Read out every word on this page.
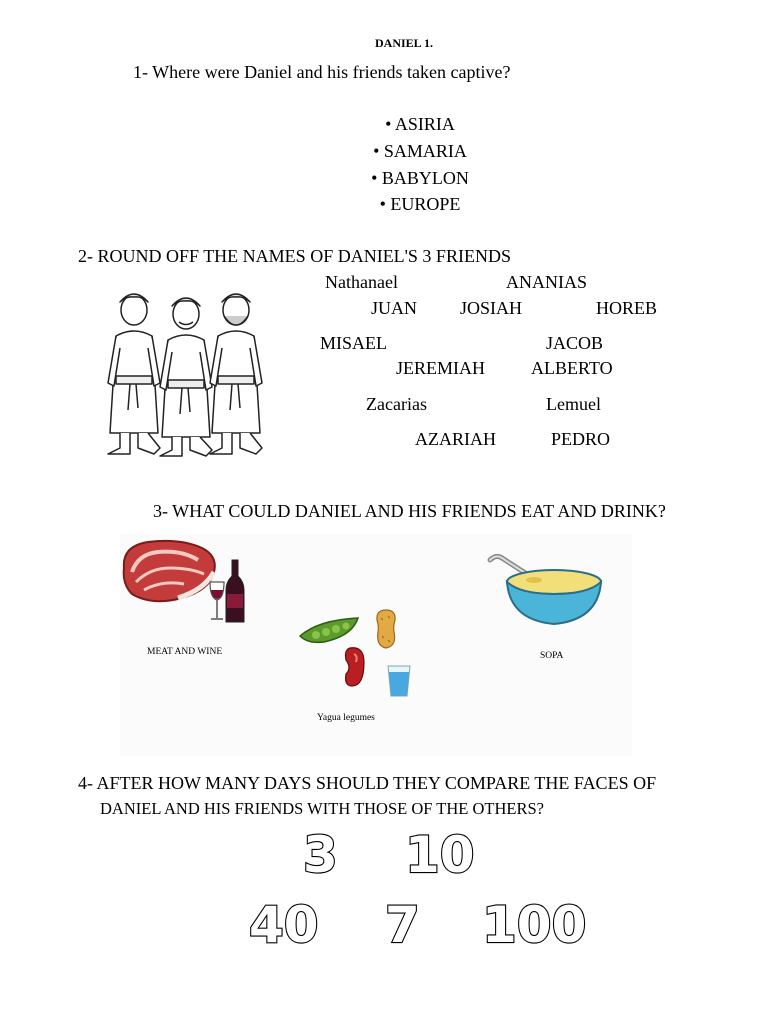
DANIEL 1.
1- Where were Daniel and his friends taken captive?
• ASIRIA
• SAMARIA
• BABYLON
• EUROPE
2- ROUND OFF THE NAMES OF DANIEL'S 3 FRIENDS
Nathanael	ANANIAS
JUAN JOSIAH	HOREB
MISAEL	JACOB
JEREMIAH	ALBERTO
Zacarias	Lemuel
AZARIAH	PEDRO
3- WHAT COULD DANIEL AND HIS FRIENDS EAT AND DRINK?
MEAT AND WINE
Yagua legumes
SOPA
4- AFTER HOW MANY DAYS SHOULD THEY COMPARE THE FACES OF
DANIEL AND HIS FRIENDS WITH THOSE OF THE OTHERS?
3 10
40 7 100
